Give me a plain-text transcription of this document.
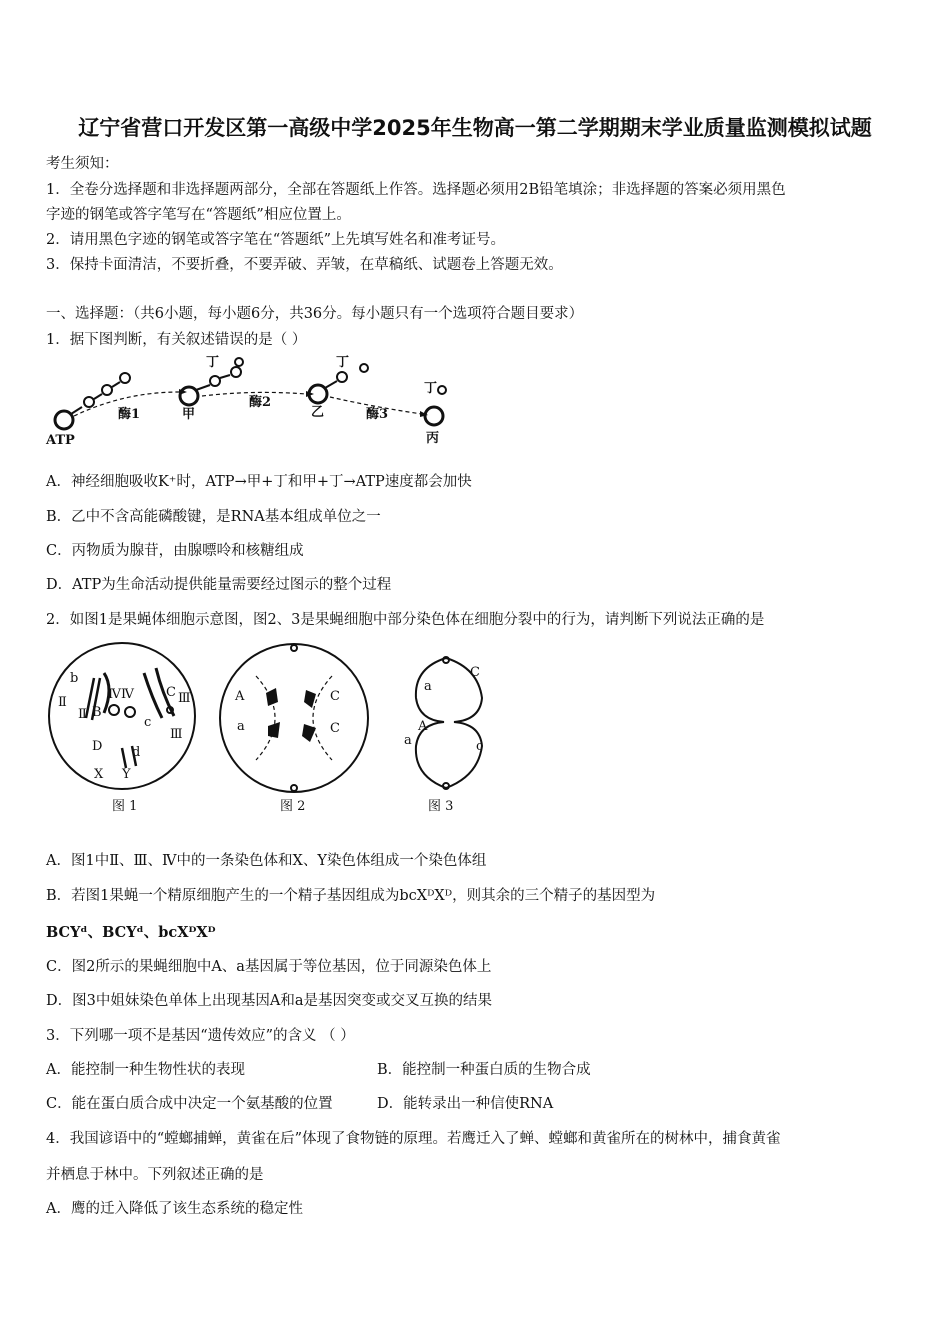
辽宁省营口开发区第一高级中学2025年生物高一第二学期期末学业质量监测模拟试题
考生须知：
1．全卷分选择题和非选择题两部分，全部在答题纸上作答。选择题必须用2B铅笔填涂；非选择题的答案必须用黑色
字迹的钢笔或答字笔写在“答题纸”相应位置上。
2．请用黑色字迹的钢笔或答字笔在“答题纸”上先填写姓名和准考证号。
3．保持卡面清洁，不要折叠，不要弄破、弄皱，在草稿纸、试题卷上答题无效。
一、选择题：（共6小题，每小题6分，共36分。每小题只有一个选项符合题目要求）
1．据下图判断，有关叙述错误的是（ ）
ATP
甲	乙
丙
丁	丁
丁
酶1
酶2
酶3
A．神经细胞吸收K⁺时，ATP→甲+丁和甲+丁→ATP速度都会加快
B．乙中不含高能磷酸键，是RNA基本组成单位之一
C．丙物质为腺苷，由腺嘌呤和核糖组成
D．ATP为生命活动提供能量需要经过图示的整个过程
2．如图1是果蝇体细胞示意图，图2、3是果蝇细胞中部分染色体在细胞分裂中的行为，请判断下列说法正确的是
Ⅱ
b
Ⅱ B
ⅣⅣ C Ⅲ
c
Ⅲ
D d
X Y
A
a
C
C
a
C
A
a	c
图 1	图 2	图 3
A．图1中Ⅱ、Ⅲ、Ⅳ中的一条染色体和X、Y染色体组成一个染色体组
B．若图1果蝇一个精原细胞产生的一个精子基因组成为bcXᴰXᴰ，则其余的三个精子的基因型为
BCYᵈ、BCYᵈ、bcXᴰXᴰ
C．图2所示的果蝇细胞中A、a基因属于等位基因，位于同源染色体上
D．图3中姐妹染色单体上出现基因A和a是基因突变或交叉互换的结果
3．下列哪一项不是基因“遗传效应”的含义 （ ）
A．能控制一种生物性状的表现	B．能控制一种蛋白质的生物合成
C．能在蛋白质合成中决定一个氨基酸的位置	D．能转录出一种信使RNA
4．我国谚语中的“螳螂捕蝉，黄雀在后”体现了食物链的原理。若鹰迁入了蝉、螳螂和黄雀所在的树林中，捕食黄雀
并栖息于林中。下列叙述正确的是
A．鹰的迁入降低了该生态系统的稳定性
